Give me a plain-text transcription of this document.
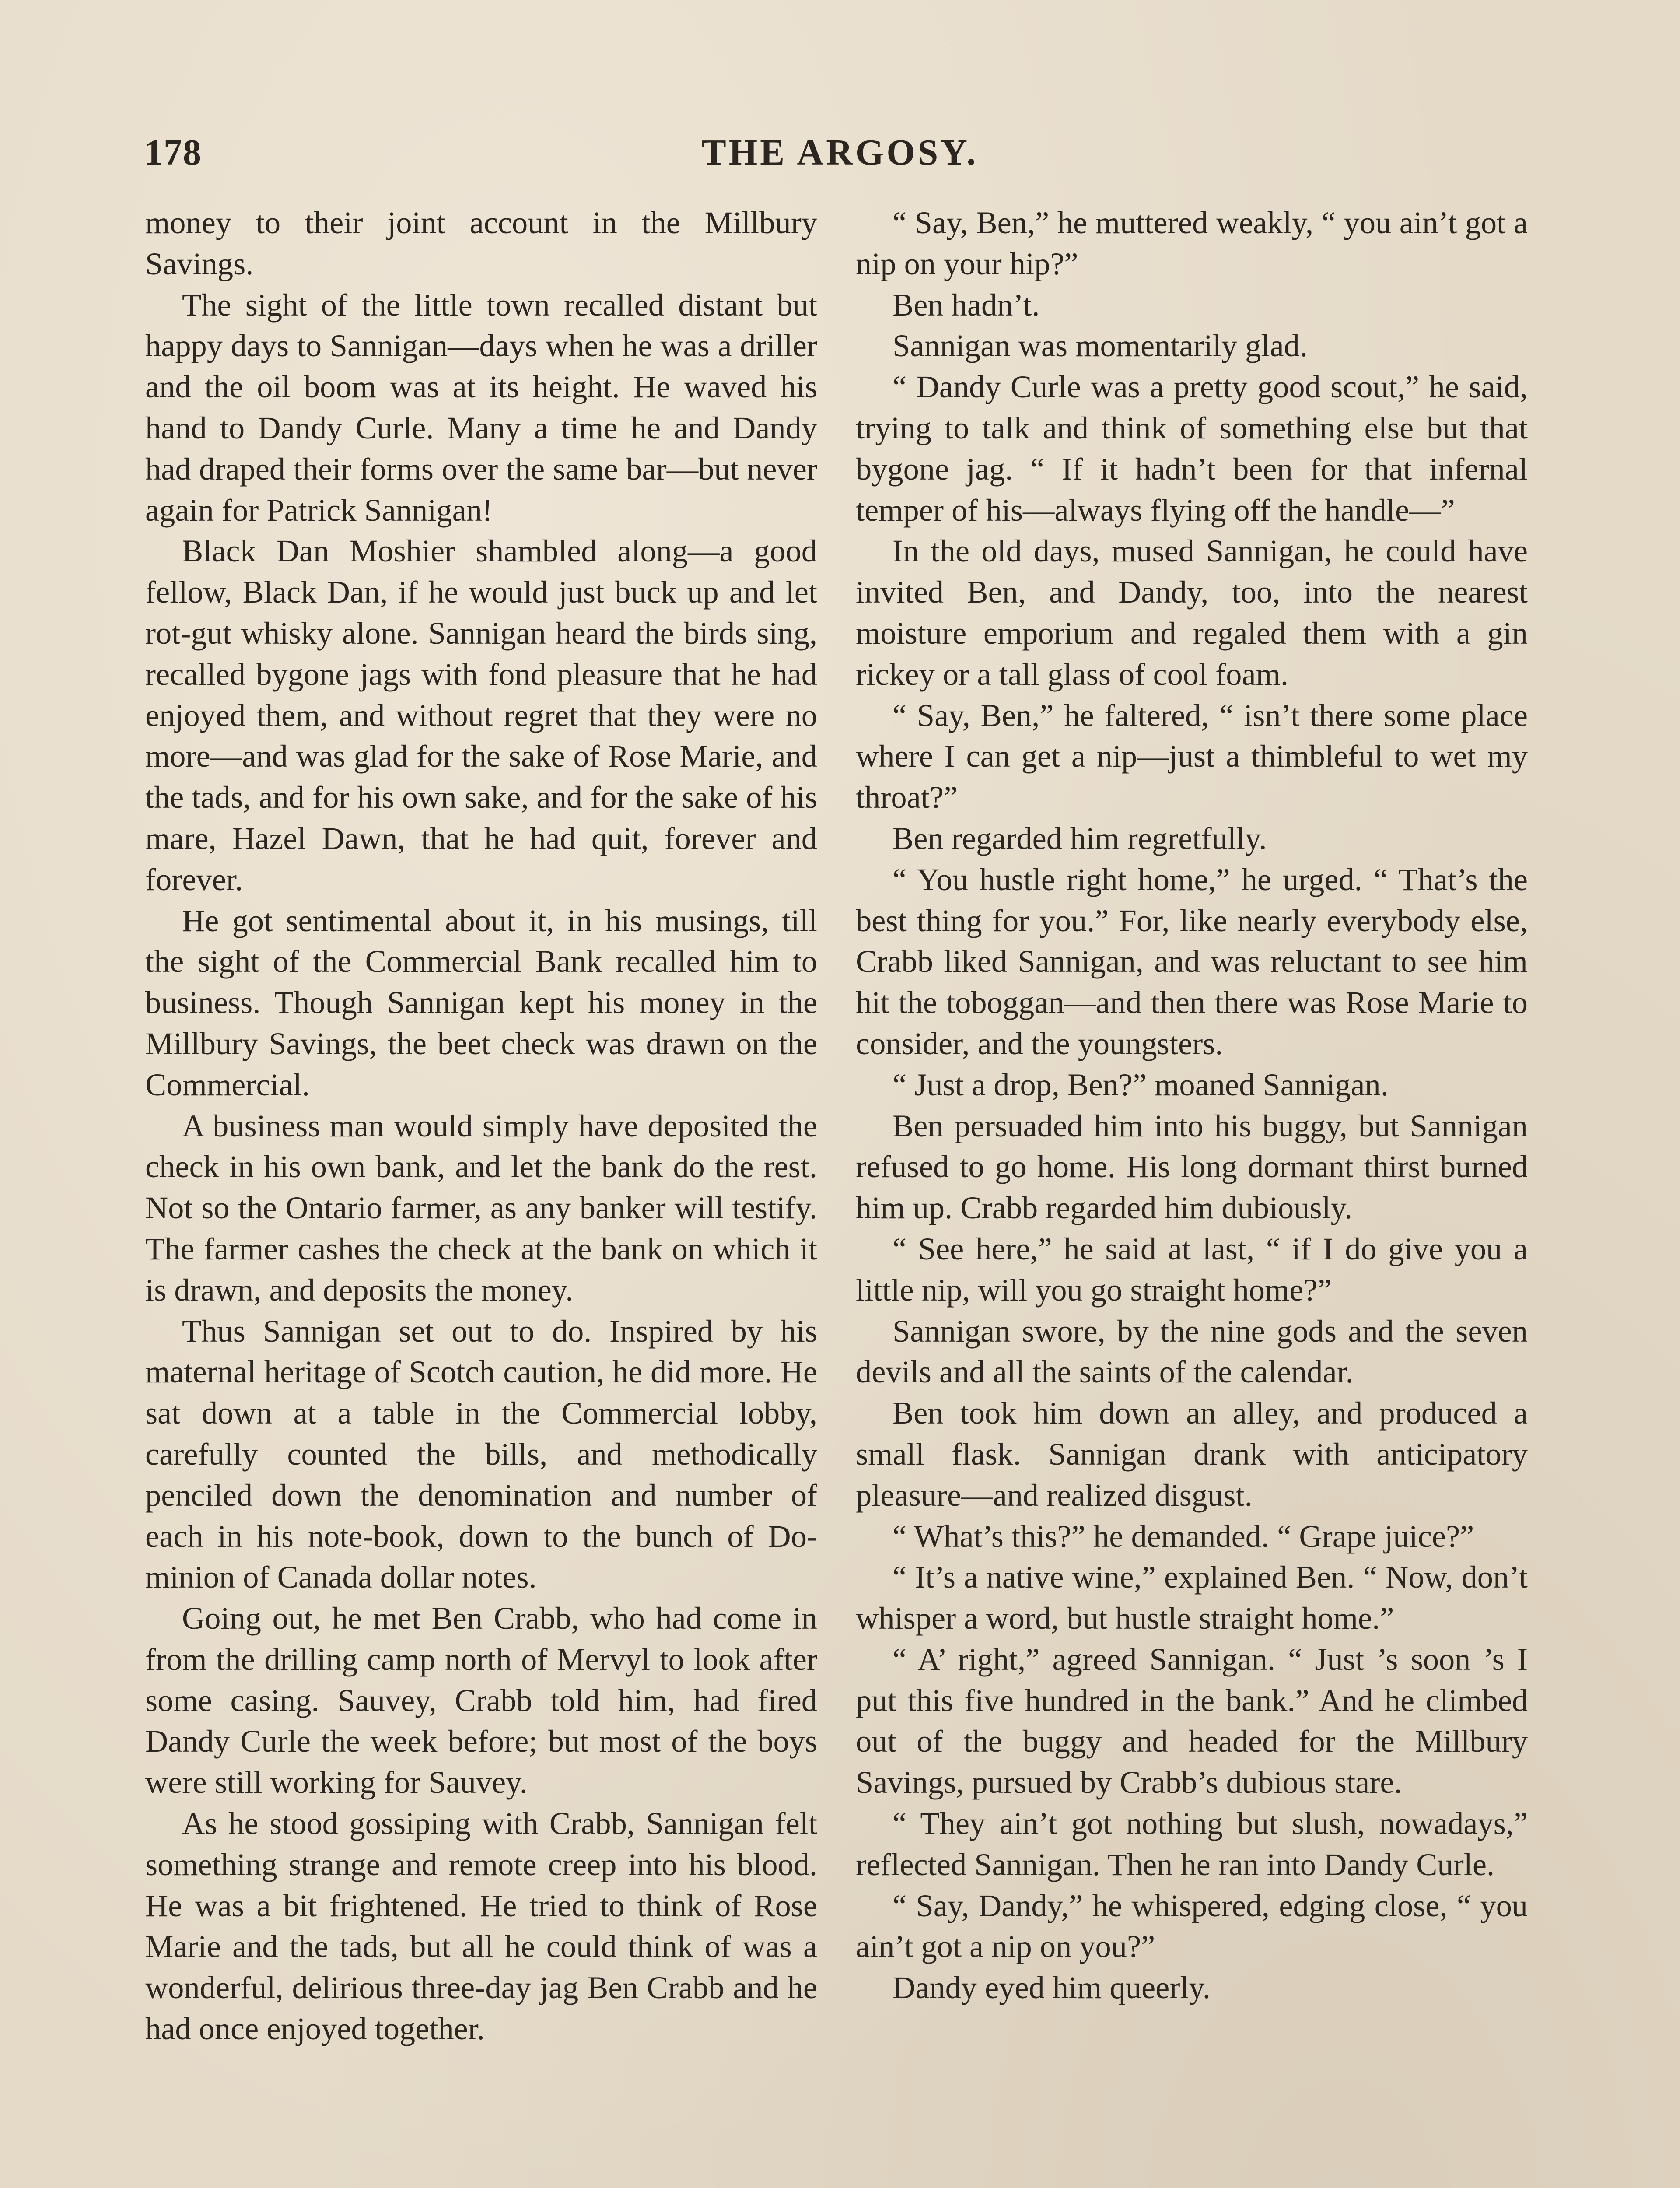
178	THE ARGOSY.

money to their joint account in the Millbury Savings.

The sight of the little town recalled distant but happy days to Sannigan—days when he was a driller and the oil boom was at its height. He waved his hand to Dandy Curle. Many a time he and Dandy had draped their forms over the same bar—but never again for Patrick Sannigan!

Black Dan Moshier shambled along—a good fellow, Black Dan, if he would just buck up and let rot-gut whisky alone. Sannigan heard the birds sing, recalled bygone jags with fond pleasure that he had enjoyed them, and without regret that they were no more—and was glad for the sake of Rose Marie, and the tads, and for his own sake, and for the sake of his mare, Hazel Dawn, that he had quit, forever and forever.

He got sentimental about it, in his musings, till the sight of the Commercial Bank recalled him to business. Though Sannigan kept his money in the Millbury Savings, the beet check was drawn on the Commercial.

A business man would simply have deposited the check in his own bank, and let the bank do the rest. Not so the Ontario farmer, as any banker will testify. The farmer cashes the check at the bank on which it is drawn, and deposits the money.

Thus Sannigan set out to do. Inspired by his maternal heritage of Scotch caution, he did more. He sat down at a table in the Commercial lobby, carefully counted the bills, and methodically penciled down the denomination and number of each in his note-book, down to the bunch of Dominion of Canada dollar notes.

Going out, he met Ben Crabb, who had come in from the drilling camp north of Mervyl to look after some casing. Sauvey, Crabb told him, had fired Dandy Curle the week before; but most of the boys were still working for Sauvey.

As he stood gossiping with Crabb, Sannigan felt something strange and remote creep into his blood. He was a bit frightened. He tried to think of Rose Marie and the tads, but all he could think of was a wonderful, delirious three-day jag Ben Crabb and he had once enjoyed together.

“ Say, Ben,” he muttered weakly, “ you ain’t got a nip on your hip?”

Ben hadn’t.

Sannigan was momentarily glad.

“ Dandy Curle was a pretty good scout,” he said, trying to talk and think of something else but that bygone jag. “ If it hadn’t been for that infernal temper of his—always flying off the handle—”

In the old days, mused Sannigan, he could have invited Ben, and Dandy, too, into the nearest moisture emporium and regaled them with a gin rickey or a tall glass of cool foam.

“ Say, Ben,” he faltered, “ isn’t there some place where I can get a nip—just a thimbleful to wet my throat?”

Ben regarded him regretfully.

“ You hustle right home,” he urged. “ That’s the best thing for you.” For, like nearly everybody else, Crabb liked Sannigan, and was reluctant to see him hit the toboggan—and then there was Rose Marie to consider, and the youngsters.

“ Just a drop, Ben?” moaned Sannigan.

Ben persuaded him into his buggy, but Sannigan refused to go home. His long dormant thirst burned him up. Crabb regarded him dubiously.

“ See here,” he said at last, “ if I do give you a little nip, will you go straight home?”

Sannigan swore, by the nine gods and the seven devils and all the saints of the calendar.

Ben took him down an alley, and produced a small flask. Sannigan drank with anticipatory pleasure—and realized disgust.

“ What’s this?” he demanded. “ Grape juice?”

“ It’s a native wine,” explained Ben. “ Now, don’t whisper a word, but hustle straight home.”

“ A’ right,” agreed Sannigan. “ Just ’s soon ’s I put this five hundred in the bank.” And he climbed out of the buggy and headed for the Millbury Savings, pursued by Crabb’s dubious stare.

“ They ain’t got nothing but slush, nowadays,” reflected Sannigan. Then he ran into Dandy Curle.

“ Say, Dandy,” he whispered, edging close, “ you ain’t got a nip on you?”

Dandy eyed him queerly.
